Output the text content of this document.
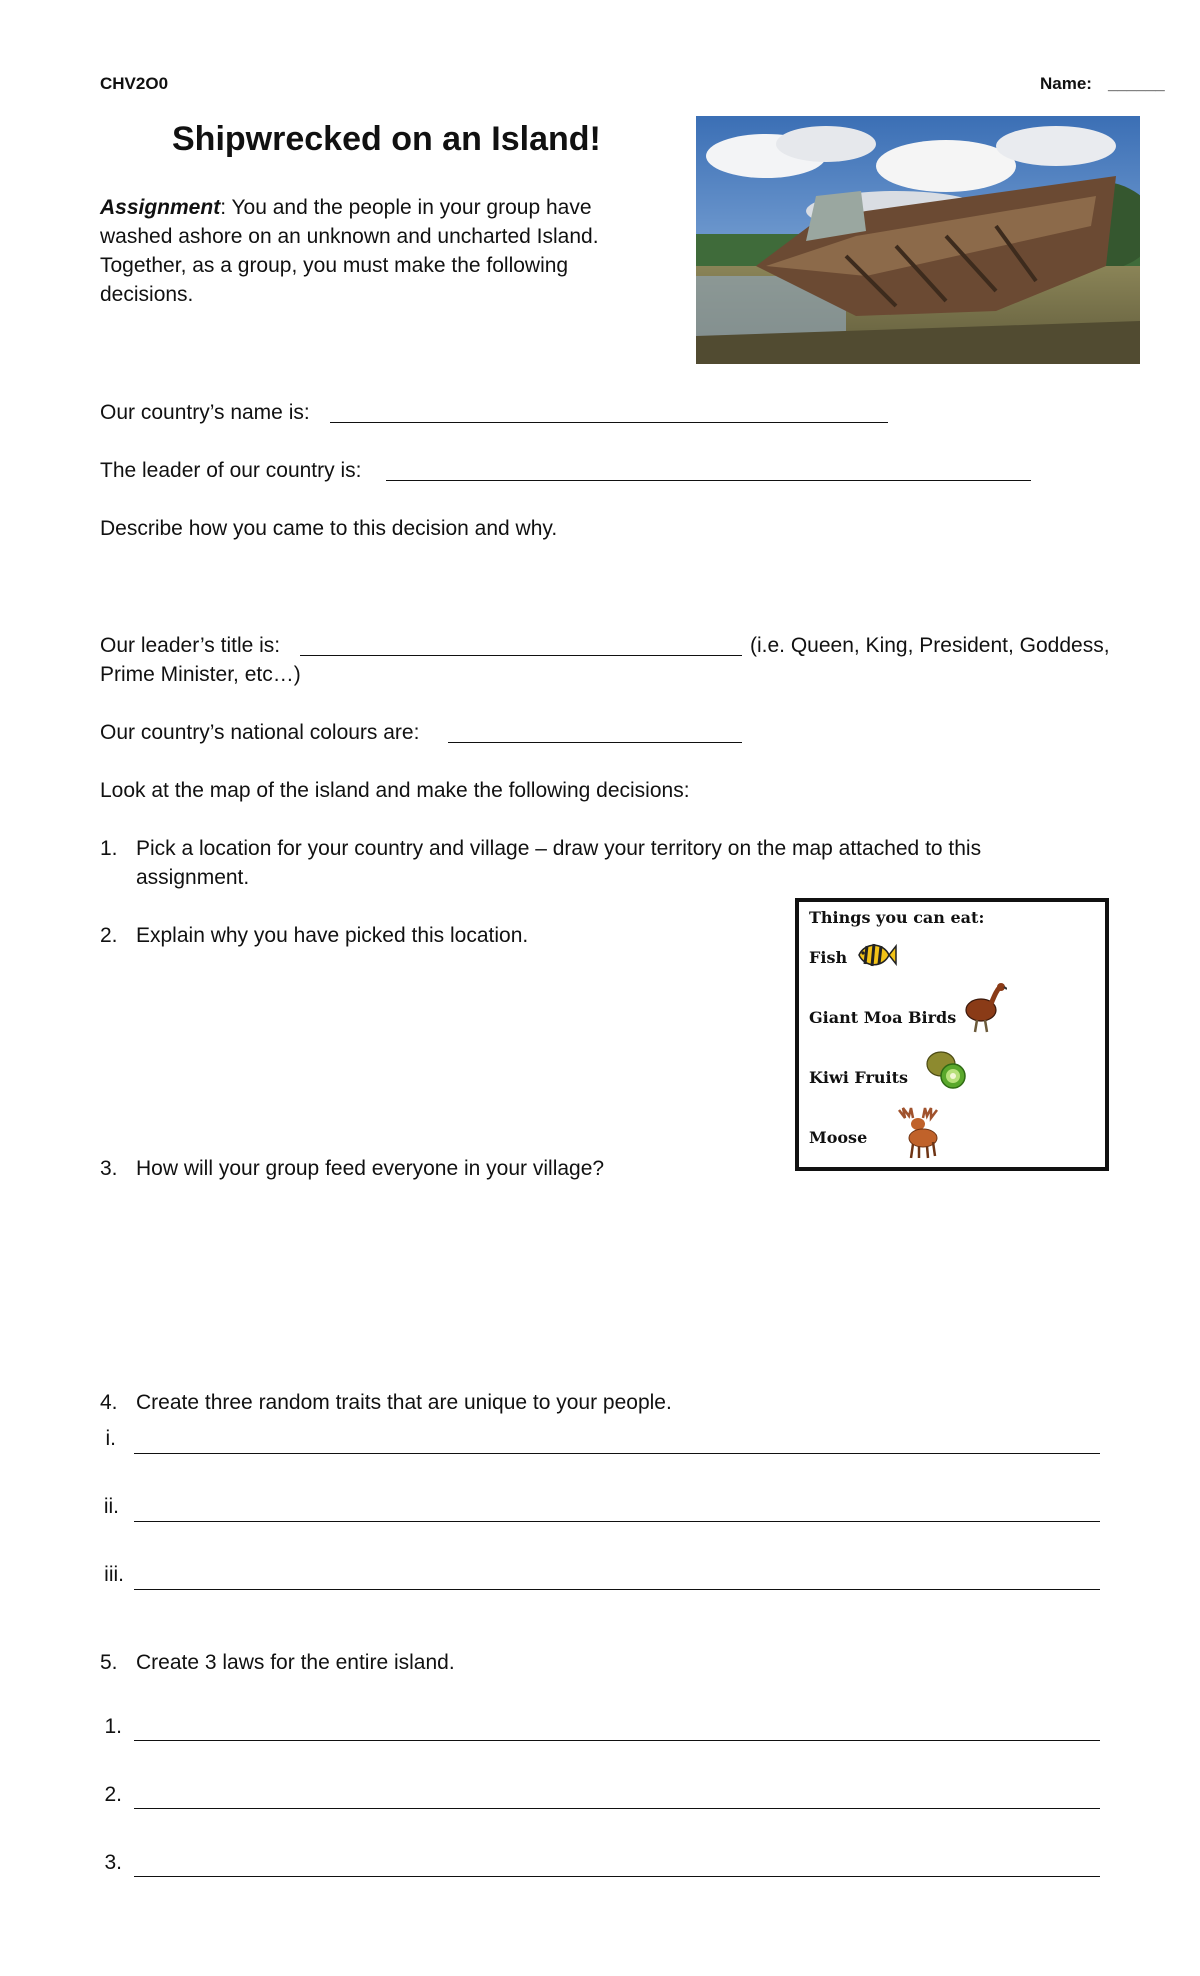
CHV2O0	Name: ______
Shipwrecked on an Island!
Assignment: You and the people in your group have
washed ashore on an unknown and uncharted Island.
Together, as a group, you must make the following
decisions.
Our country’s name is:
The leader of our country is:
Describe how you came to this decision and why.
Our leader’s title is:	(i.e. Queen, King, President, Goddess,
Prime Minister, etc…)
Our country’s national colours are:
Look at the map of the island and make the following decisions:
1. Pick a location for your country and village – draw your territory on the map attached to this
assignment.
2. Explain why you have picked this location.
Things you can eat:
Fish
Giant Moa Birds
Kiwi Fruits
Moose
3. How will your group feed everyone in your village?
4. Create three random traits that are unique to your people.
i.
ii.
iii.
5. Create 3 laws for the entire island.
1.
2.
3.
